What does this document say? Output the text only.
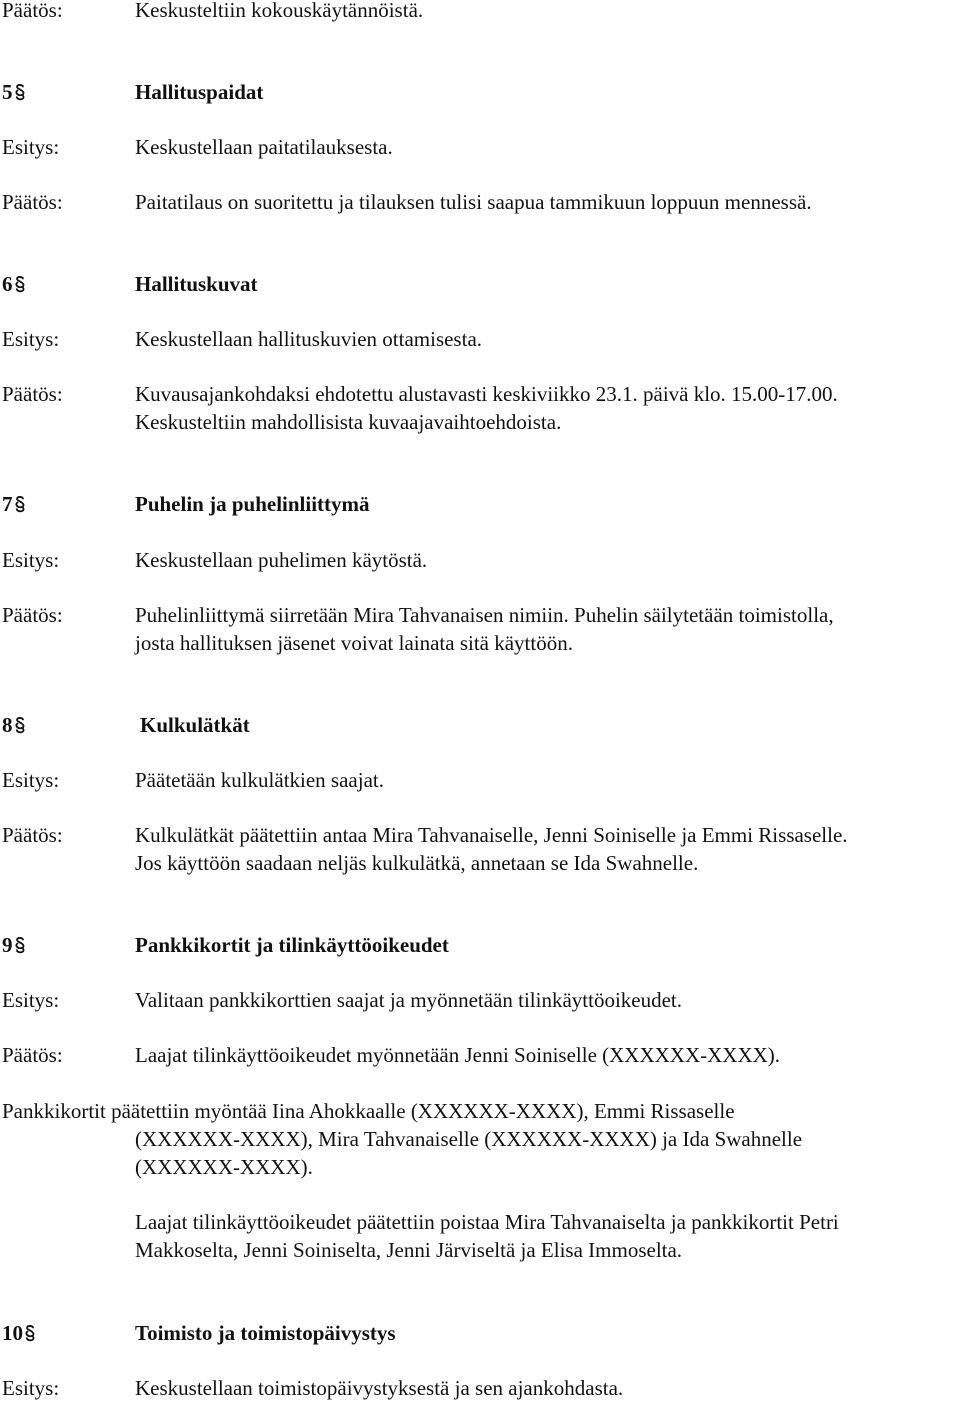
Päätös:	Keskusteltiin kokouskäytännöistä.
5	Hallituspaidat
Esitys:	Keskustellaan paitatilauksesta.
Päätös:	Paitatilaus on suoritettu ja tilauksen tulisi saapua tammikuun loppuun mennessä.
6	Hallituskuvat
Esitys:	Keskustellaan hallituskuvien ottamisesta.
Päätös:	Kuvausajankohdaksi ehdotettu alustavasti keskiviikko 23.1. päivä klo. 15.00-17.00.
Keskusteltiin mahdollisista kuvaajavaihtoehdoista.
7	Puhelin ja puhelinliittymä
Esitys:	Keskustellaan puhelimen käytöstä.
Päätös:	Puhelinliittymä siirretään Mira Tahvanaisen nimiin. Puhelin säilytetään toimistolla,
josta hallituksen jäsenet voivat lainata sitä käyttöön.
8	Kulkulätkät
Esitys:	Päätetään kulkulätkien saajat.
Päätös:	Kulkulätkät päätettiin antaa Mira Tahvanaiselle, Jenni Soiniselle ja Emmi Rissaselle.
Jos käyttöön saadaan neljäs kulkulätkä, annetaan se Ida Swahnelle.
9	Pankkikortit ja tilinkäyttöoikeudet
Esitys:	Valitaan pankkikorttien saajat ja myönnetään tilinkäyttöoikeudet.
Päätös:	Laajat tilinkäyttöoikeudet myönnetään Jenni Soiniselle (XXXXXX-XXXX).
Pankkikortit päätettiin myöntää Iina Ahokkaalle (XXXXXX-XXXX), Emmi Rissaselle
(XXXXXX-XXXX), Mira Tahvanaiselle (XXXXXX-XXXX) ja Ida Swahnelle
(XXXXXX-XXXX).
Laajat tilinkäyttöoikeudet päätettiin poistaa Mira Tahvanaiselta ja pankkikortit Petri
Makkoselta, Jenni Soiniselta, Jenni Järviseltä ja Elisa Immoselta.
10	Toimisto ja toimistopäivystys
Esitys:	Keskustellaan toimistopäivystyksestä ja sen ajankohdasta.
